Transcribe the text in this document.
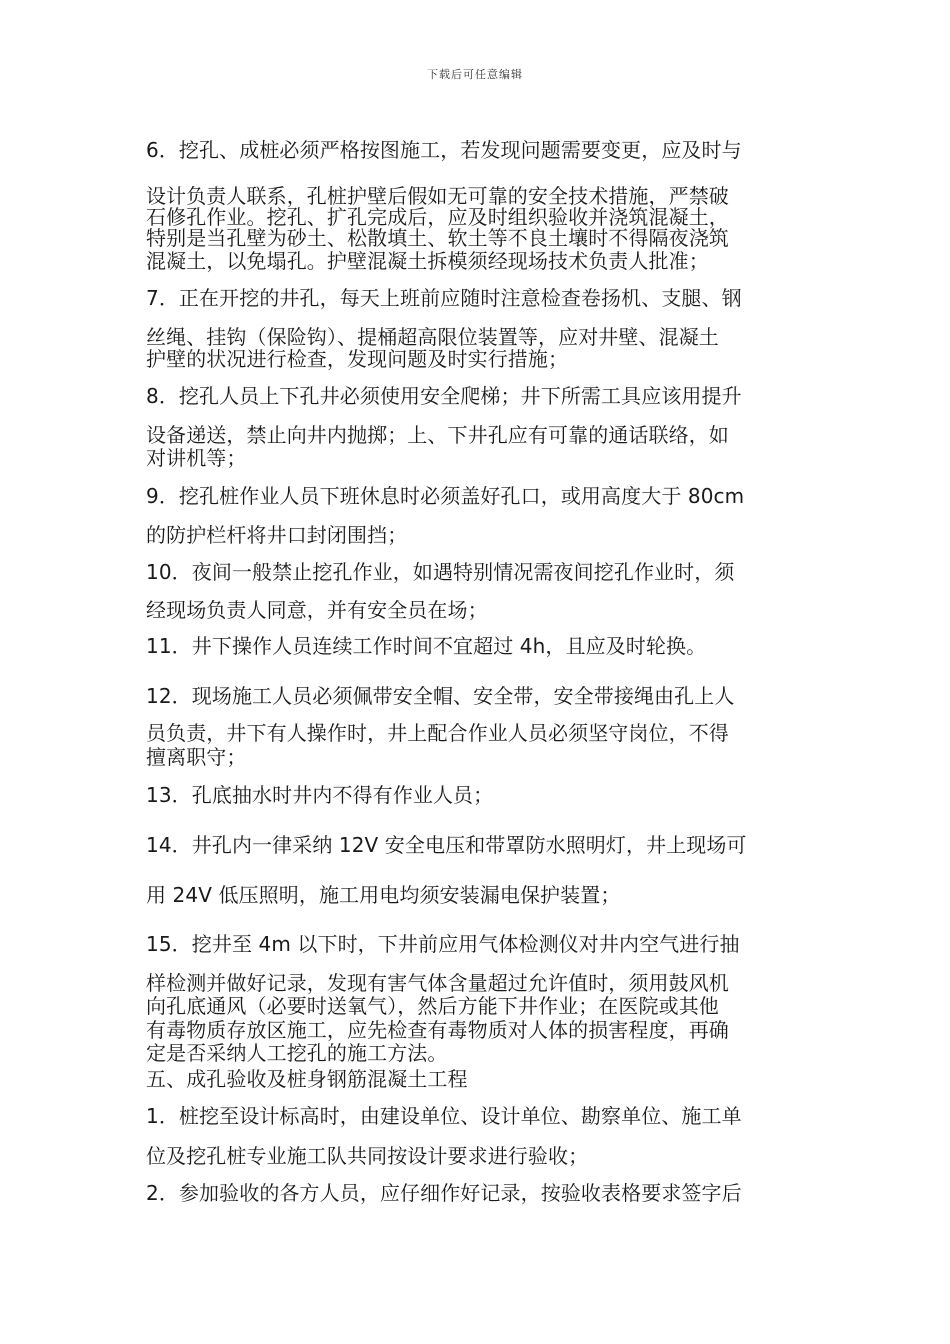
下载后可任意编辑
6．挖孔、成桩必须严格按图施工，若发现问题需要变更，应及时与
设计负责人联系，孔桩护壁后假如无可靠的安全技术措施，严禁破
石修孔作业。挖孔、扩孔完成后，应及时组织验收并浇筑混凝土，
特别是当孔壁为砂土、松散填土、软土等不良土壤时不得隔夜浇筑
混凝土，以免塌孔。护壁混凝土拆模须经现场技术负责人批准；
7．正在开挖的井孔，每天上班前应随时注意检查卷扬机、支腿、钢
丝绳、挂钩（保险钩）、提桶超高限位装置等，应对井壁、混凝土
护壁的状况进行检查，发现问题及时实行措施；
8．挖孔人员上下孔井必须使用安全爬梯；井下所需工具应该用提升
设备递送，禁止向井内抛掷；上、下井孔应有可靠的通话联络，如
对讲机等；
9．挖孔桩作业人员下班休息时必须盖好孔口，或用高度大于 80cm
的防护栏杆将井口封闭围挡；
10．夜间一般禁止挖孔作业，如遇特别情况需夜间挖孔作业时，须
经现场负责人同意，并有安全员在场；
11．井下操作人员连续工作时间不宜超过 4h，且应及时轮换。
12．现场施工人员必须佩带安全帽、安全带，安全带接绳由孔上人
员负责，井下有人操作时，井上配合作业人员必须坚守岗位，不得
擅离职守；
13．孔底抽水时井内不得有作业人员；
14．井孔内一律采纳 12V 安全电压和带罩防水照明灯，井上现场可
用 24V 低压照明，施工用电均须安装漏电保护装置；
15．挖井至 4m 以下时，下井前应用气体检测仪对井内空气进行抽
样检测并做好记录，发现有害气体含量超过允许值时，须用鼓风机
向孔底通风（必要时送氧气），然后方能下井作业；在医院或其他
有毒物质存放区施工，应先检查有毒物质对人体的损害程度，再确
定是否采纳人工挖孔的施工方法。
五、成孔验收及桩身钢筋混凝土工程
1．桩挖至设计标高时，由建设单位、设计单位、勘察单位、施工单
位及挖孔桩专业施工队共同按设计要求进行验收；
2．参加验收的各方人员，应仔细作好记录，按验收表格要求签字后
